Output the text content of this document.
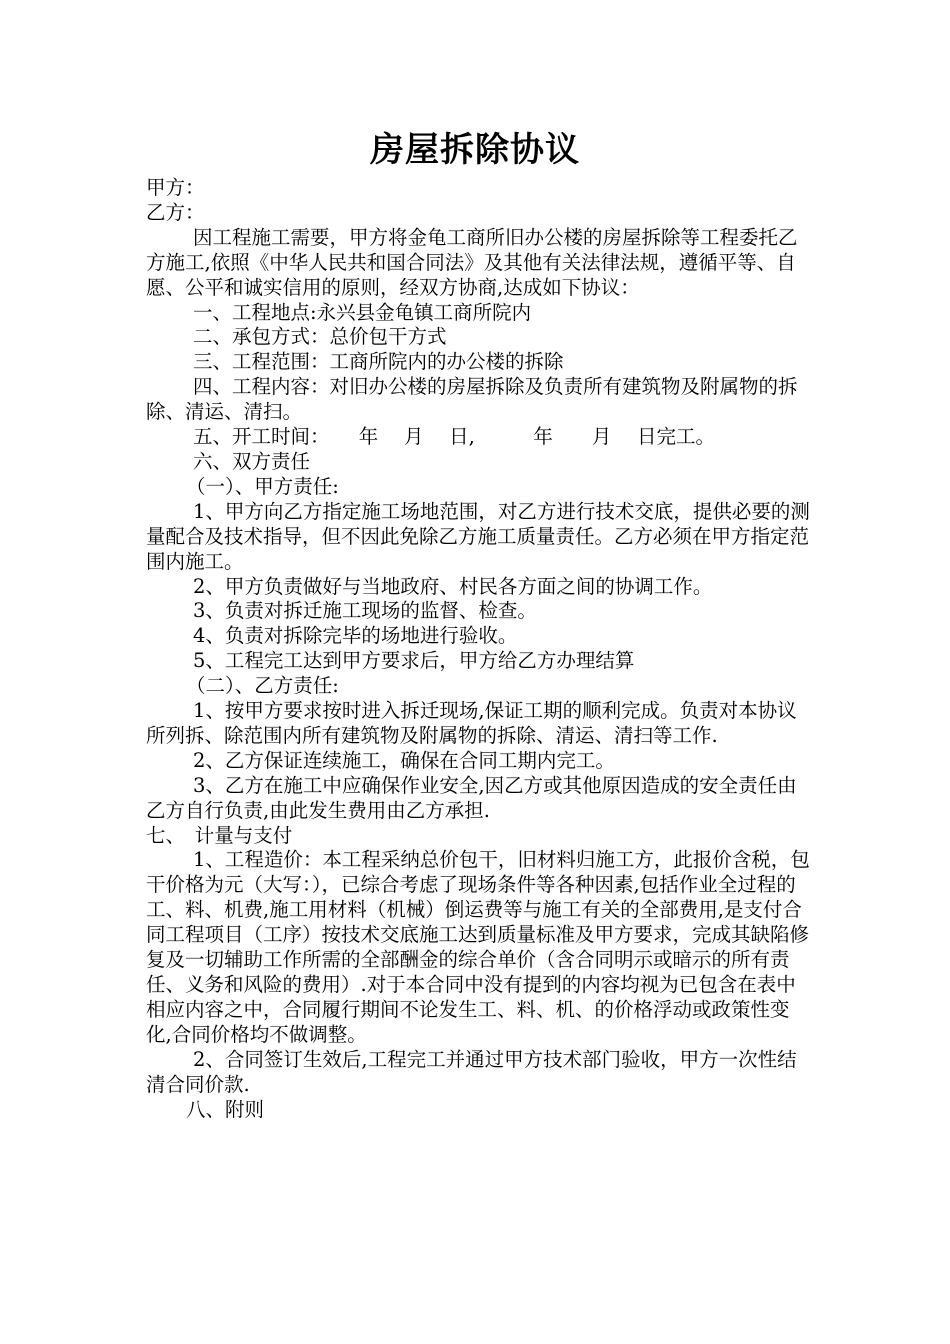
房屋拆除协议

甲方：

乙方：

因工程施工需要，甲方将金龟工商所旧办公楼的房屋拆除等工程委托乙方施工,依照《中华人民共和国合同法》及其他有关法律法规，遵循平等、自愿、公平和诚实信用的原则，经双方协商,达成如下协议：

一、工程地点:永兴县金龟镇工商所院内

二、承包方式：总价包干方式

三、工程范围：工商所院内的办公楼的拆除

四、工程内容：对旧办公楼的房屋拆除及负责所有建筑物及附属物的拆除、清运、清扫。

五、开工时间：　　年　 月　 日,　　　年　　月　 日完工。

六、双方责任

（一）、甲方责任:

1、甲方向乙方指定施工场地范围，对乙方进行技术交底，提供必要的测量配合及技术指导，但不因此免除乙方施工质量责任。乙方必须在甲方指定范围内施工。

2、甲方负责做好与当地政府、村民各方面之间的协调工作。

3、负责对拆迁施工现场的监督、检查。

4、负责对拆除完毕的场地进行验收。

5、工程完工达到甲方要求后，甲方给乙方办理结算

（二）、乙方责任:

1、按甲方要求按时进入拆迁现场,保证工期的顺利完成。负责对本协议所列拆、除范围内所有建筑物及附属物的拆除、清运、清扫等工作.

2、乙方保证连续施工，确保在合同工期内完工。

3、乙方在施工中应确保作业安全,因乙方或其他原因造成的安全责任由乙方自行负责,由此发生费用由乙方承担.

七、　计量与支付

1、工程造价：本工程采纳总价包干，旧材料归施工方，此报价含税，包干价格为元（大写：），已综合考虑了现场条件等各种因素,包括作业全过程的工、料、机费,施工用材料（机械）倒运费等与施工有关的全部费用,是支付合同工程项目（工序）按技术交底施工达到质量标准及甲方要求，完成其缺陷修复及一切辅助工作所需的全部酬金的综合单价（含合同明示或暗示的所有责任、义务和风险的费用）.对于本合同中没有提到的内容均视为已包含在表中相应内容之中，合同履行期间不论发生工、料、机、的价格浮动或政策性变化,合同价格均不做调整。

2、合同签订生效后,工程完工并通过甲方技术部门验收，甲方一次性结清合同价款.

八、附则
